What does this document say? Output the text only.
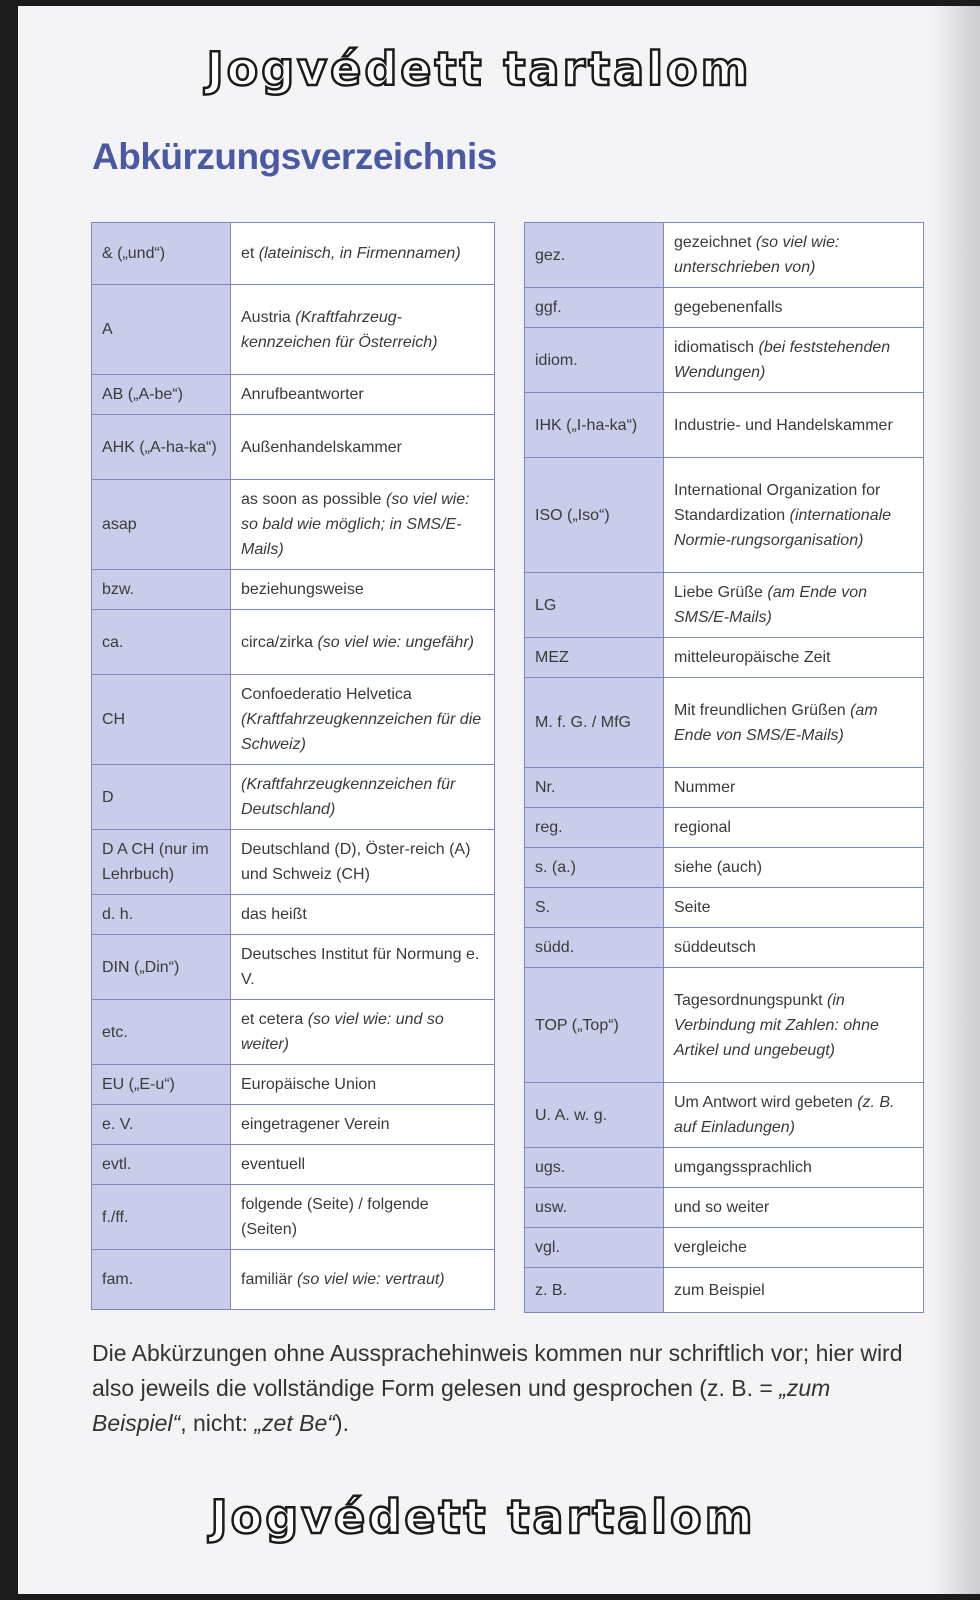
Jogvédett tartalom
Abkürzungsverzeichnis
& („und“)	et (lateinisch, in Firmennamen)
A	Austria (Kraftfahrzeug-kennzeichen für Österreich)
AB („A-be“)	Anrufbeantworter
AHK („A-ha-ka“)	Außenhandelskammer
asap	as soon as possible (so viel wie: so bald wie möglich; in SMS/E-Mails)
bzw.	beziehungsweise
ca.	circa/zirka (so viel wie: ungefähr)
CH	Confoederatio Helvetica (Kraftfahrzeugkennzeichen für die Schweiz)
D	(Kraftfahrzeugkennzeichen für Deutschland)
D A CH (nur im Lehrbuch)	Deutschland (D), Öster-reich (A) und Schweiz (CH)
d. h.	das heißt
DIN („Din“)	Deutsches Institut für Normung e. V.
etc.	et cetera (so viel wie: und so weiter)
EU („E-u“)	Europäische Union
e. V.	eingetragener Verein
evtl.	eventuell
f./ff.	folgende (Seite) / folgende (Seiten)
fam.	familiär (so viel wie: vertraut)
gez.	gezeichnet (so viel wie: unterschrieben von)
ggf.	gegebenenfalls
idiom.	idiomatisch (bei feststehenden Wendungen)
IHK („I-ha-ka“)	Industrie- und Handelskammer
ISO („Iso“)	International Organization for Standardization (internationale Normie-rungsorganisation)
LG	Liebe Grüße (am Ende von SMS/E-Mails)
MEZ	mitteleuropäische Zeit
M. f. G. / MfG	Mit freundlichen Grüßen (am Ende von SMS/E-Mails)
Nr.	Nummer
reg.	regional
s. (a.)	siehe (auch)
S.	Seite
südd.	süddeutsch
TOP („Top“)	Tagesordnungspunkt (in Verbindung mit Zahlen: ohne Artikel und ungebeugt)
U. A. w. g.	Um Antwort wird gebeten (z. B. auf Einladungen)
ugs.	umgangssprachlich
usw.	und so weiter
vgl.	vergleiche
z. B.	zum Beispiel

Die Abkürzungen ohne Aussprachehinweis kommen nur schriftlich vor; hier wird also jeweils die vollständige Form gelesen und gesprochen (z. B. = „zum Beispiel“, nicht: „zet Be“).

Jogvédett tartalom
